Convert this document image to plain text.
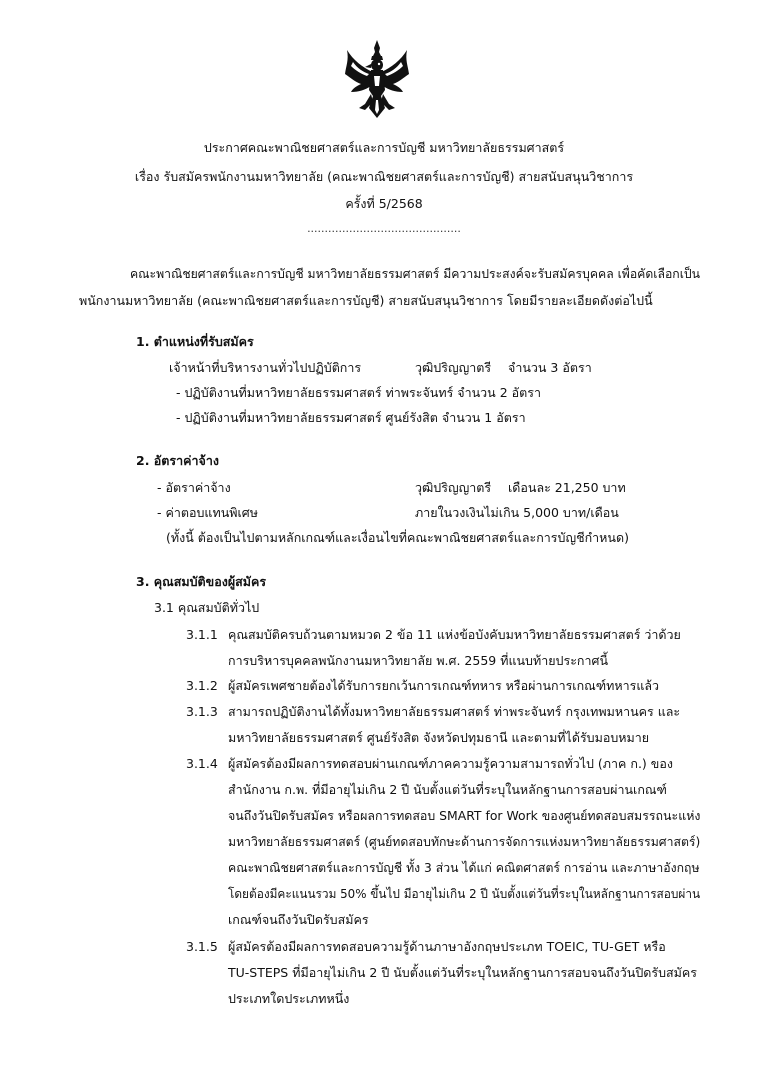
ประกาศคณะพาณิชยศาสตร์และการบัญชี มหาวิทยาลัยธรรมศาสตร์
เรื่อง รับสมัครพนักงานมหาวิทยาลัย (คณะพาณิชยศาสตร์และการบัญชี) สายสนับสนุนวิชาการ
ครั้งที่ 5/2568
............................................
คณะพาณิชยศาสตร์และการบัญชี มหาวิทยาลัยธรรมศาสตร์ มีความประสงค์จะรับสมัครบุคคล เพื่อคัดเลือกเป็น
พนักงานมหาวิทยาลัย (คณะพาณิชยศาสตร์และการบัญชี) สายสนับสนุนวิชาการ โดยมีรายละเอียดดังต่อไปนี้
1. ตำแหน่งที่รับสมัคร
เจ้าหน้าที่บริหารงานทั่วไปปฏิบัติการ	วุฒิปริญญาตรี จำนวน 3 อัตรา
- ปฏิบัติงานที่มหาวิทยาลัยธรรมศาสตร์ ท่าพระจันทร์ จำนวน 2 อัตรา
- ปฏิบัติงานที่มหาวิทยาลัยธรรมศาสตร์ ศูนย์รังสิต จำนวน 1 อัตรา
2. อัตราค่าจ้าง
- อัตราค่าจ้าง	วุฒิปริญญาตรี เดือนละ 21,250 บาท
- ค่าตอบแทนพิเศษ	ภายในวงเงินไม่เกิน 5,000 บาท/เดือน
(ทั้งนี้ ต้องเป็นไปตามหลักเกณฑ์และเงื่อนไขที่คณะพาณิชยศาสตร์และการบัญชีกำหนด)
3. คุณสมบัติของผู้สมัคร
3.1 คุณสมบัติทั่วไป
3.1.1 คุณสมบัติครบถ้วนตามหมวด 2 ข้อ 11 แห่งข้อบังคับมหาวิทยาลัยธรรมศาสตร์ ว่าด้วย
การบริหารบุคคลพนักงานมหาวิทยาลัย พ.ศ. 2559 ที่แนบท้ายประกาศนี้
3.1.2 ผู้สมัครเพศชายต้องได้รับการยกเว้นการเกณฑ์ทหาร หรือผ่านการเกณฑ์ทหารแล้ว
3.1.3 สามารถปฏิบัติงานได้ทั้งมหาวิทยาลัยธรรมศาสตร์ ท่าพระจันทร์ กรุงเทพมหานคร และ
มหาวิทยาลัยธรรมศาสตร์ ศูนย์รังสิต จังหวัดปทุมธานี และตามที่ได้รับมอบหมาย
3.1.4 ผู้สมัครต้องมีผลการทดสอบผ่านเกณฑ์ภาคความรู้ความสามารถทั่วไป (ภาค ก.) ของ
สำนักงาน ก.พ. ที่มีอายุไม่เกิน 2 ปี นับตั้งแต่วันที่ระบุในหลักฐานการสอบผ่านเกณฑ์
จนถึงวันปิดรับสมัคร หรือผลการทดสอบ SMART for Work ของศูนย์ทดสอบสมรรถนะแห่ง
มหาวิทยาลัยธรรมศาสตร์ (ศูนย์ทดสอบทักษะด้านการจัดการแห่งมหาวิทยาลัยธรรมศาสตร์)
คณะพาณิชยศาสตร์และการบัญชี ทั้ง 3 ส่วน ได้แก่ คณิตศาสตร์ การอ่าน และภาษาอังกฤษ
โดยต้องมีคะแนนรวม 50% ขึ้นไป มีอายุไม่เกิน 2 ปี นับตั้งแต่วันที่ระบุในหลักฐานการสอบผ่าน
เกณฑ์จนถึงวันปิดรับสมัคร
3.1.5 ผู้สมัครต้องมีผลการทดสอบความรู้ด้านภาษาอังกฤษประเภท TOEIC, TU-GET หรือ
TU-STEPS ที่มีอายุไม่เกิน 2 ปี นับตั้งแต่วันที่ระบุในหลักฐานการสอบจนถึงวันปิดรับสมัคร
ประเภทใดประเภทหนึ่ง
